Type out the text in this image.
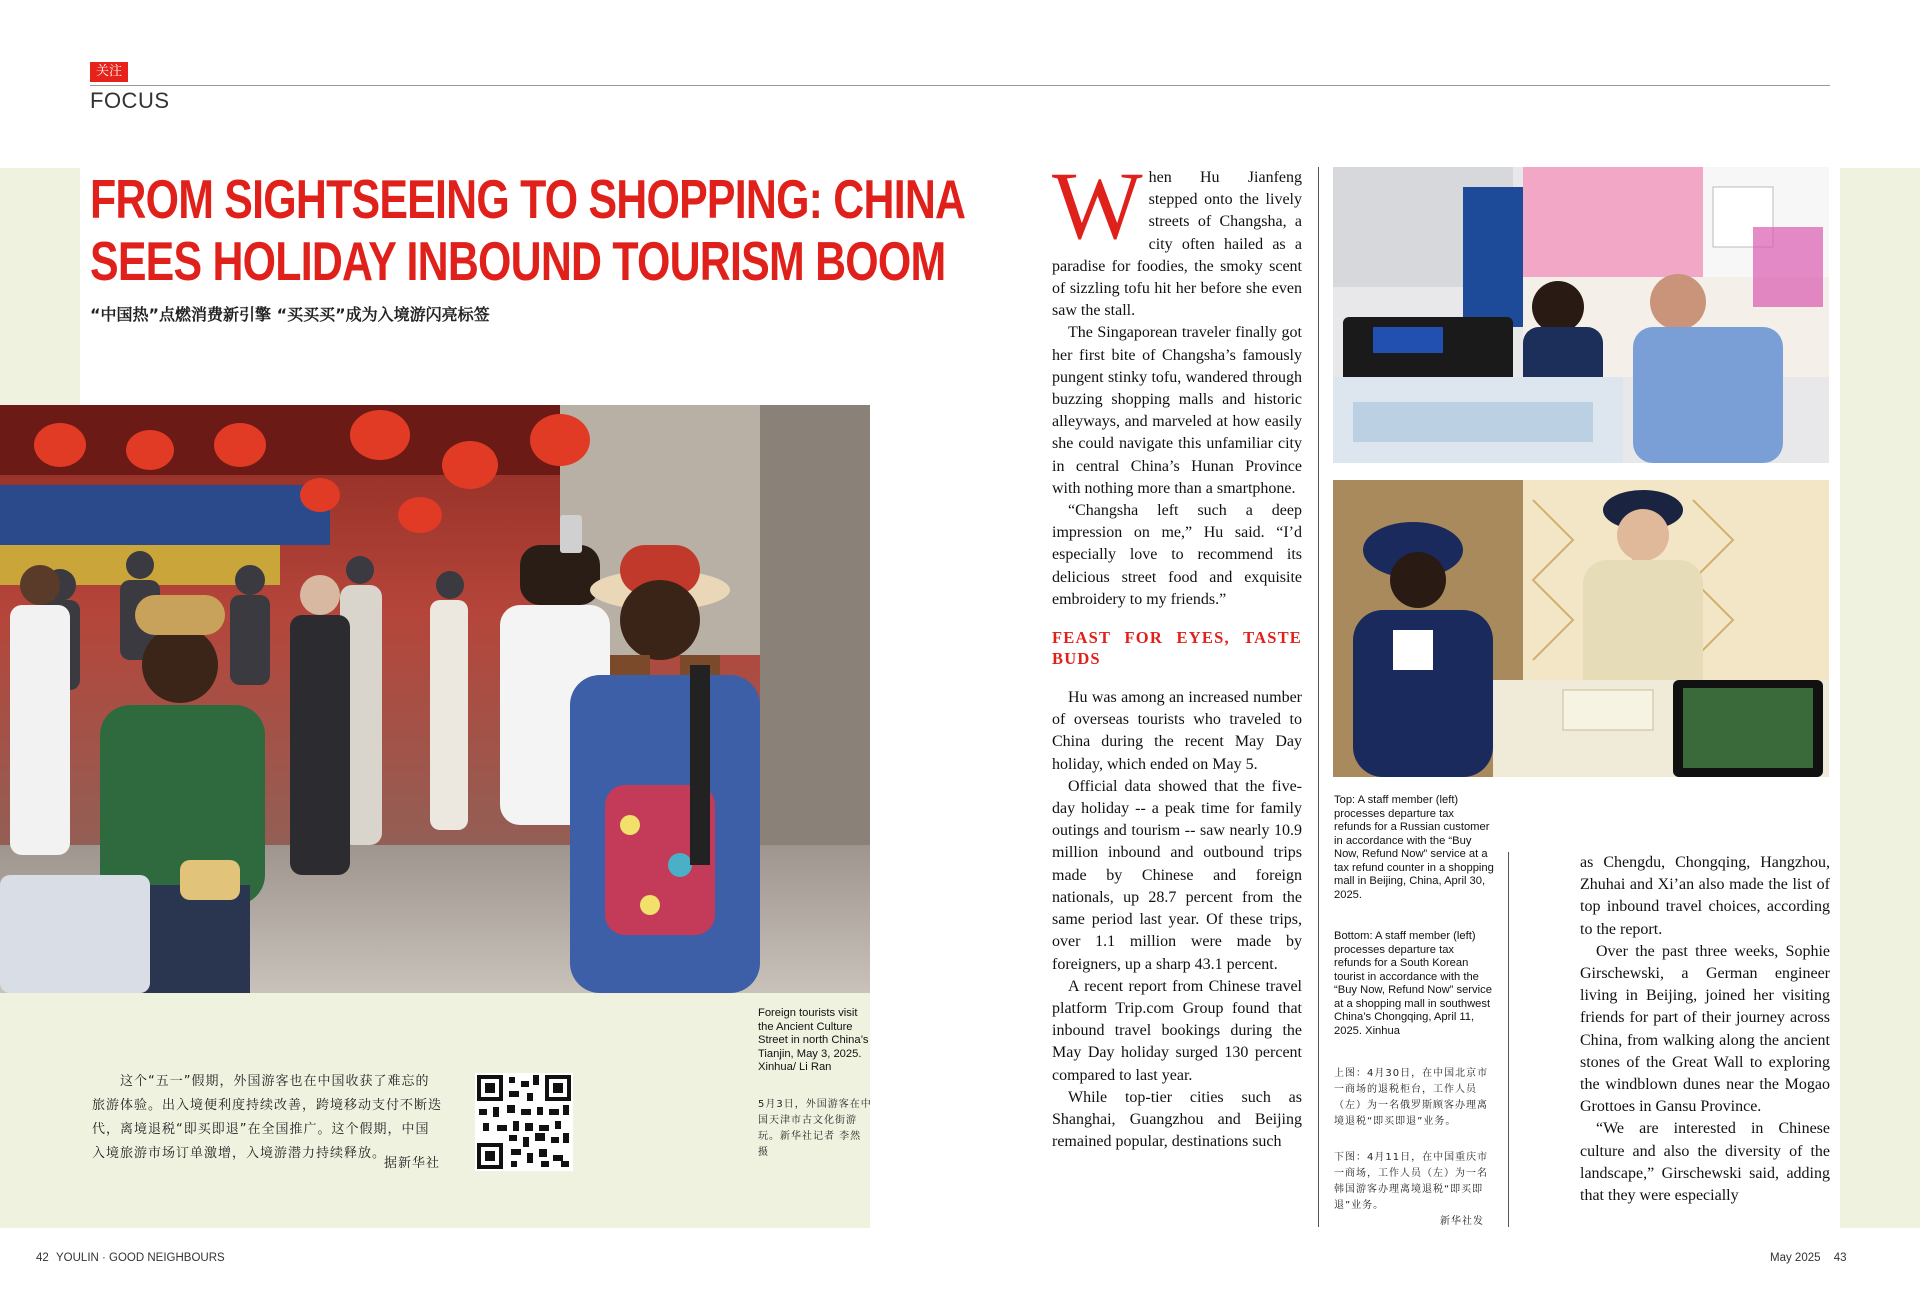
关注
FOCUS
FROM SIGHTSEEING TO SHOPPING: CHINA
SEES HOLIDAY INBOUND TOURISM BOOM
“中国热”点燃消费新引擎 “买买买”成为入境游闪亮标签
Foreign tourists visit the Ancient Culture Street in north China’s Tianjin, May 3, 2025. Xinhua/ Li Ran
5月3日，外国游客在中国天津市古文化街游玩。新华社记者 李然 摄
这个“五一”假期，外国游客也在中国收获了难忘的旅游体验。出入境便利度持续改善，跨境移动支付不断迭代，离境退税“即买即退”在全国推广。这个假期，中国入境旅游市场订单激增，入境游潜力持续释放。
据新华社
W hen Hu Jianfeng stepped onto the lively streets of Changsha, a city often hailed as a paradise for foodies, the smoky scent of sizzling tofu hit her before she even saw the stall.

The Singaporean traveler finally got her first bite of Changsha’s famously pungent stinky tofu, wandered through buzzing shopping malls and historic alleyways, and marveled at how easily she could navigate this unfamiliar city in central China’s Hunan Province with nothing more than a smartphone.

“Changsha left such a deep impression on me,” Hu said. “I’d especially love to recommend its delicious street food and exquisite embroidery to my friends.”

FEAST FOR EYES, TASTE BUDS

Hu was among an increased number of overseas tourists who traveled to China during the recent May Day holiday, which ended on May 5.

Official data showed that the five-day holiday -- a peak time for family outings and tourism -- saw nearly 10.9 million inbound and outbound trips made by Chinese and foreign nationals, up 28.7 percent from the same period last year. Of these trips, over 1.1 million were made by foreigners, up a sharp 43.1 percent.

A recent report from Chinese travel platform Trip.com Group found that inbound travel bookings during the May Day holiday surged 130 percent compared to last year.

While top-tier cities such as Shanghai, Guangzhou and Beijing remained popular, destinations such

Top: A staff member (left) processes departure tax refunds for a Russian customer in accordance with the “Buy Now, Refund Now” service at a tax refund counter in a shopping mall in Beijing, China, April 30, 2025.
Bottom: A staff member (left) processes departure tax refunds for a South Korean tourist in accordance with the “Buy Now, Refund Now” service at a shopping mall in southwest China’s Chongqing, April 11, 2025. Xinhua
上图：4月30日，在中国北京市一商场的退税柜台，工作人员（左）为一名俄罗斯顾客办理离境退税“即买即退”业务。
下图：4月11日，在中国重庆市一商场，工作人员（左）为一名韩国游客办理离境退税“即买即退”业务。
新华社发

as Chengdu, Chongqing, Hangzhou, Zhuhai and Xi’an also made the list of top inbound travel choices, according to the report.

Over the past three weeks, Sophie Girschewski, a German engineer living in Beijing, joined her visiting friends for part of their journey across China, from walking along the ancient stones of the Great Wall to exploring the windblown dunes near the Mogao Grottoes in Gansu Province.

“We are interested in Chinese culture and also the diversity of the landscape,” Girschewski said, adding that they were especially

42 YOULIN · GOOD NEIGHBOURS	May 2025 43
